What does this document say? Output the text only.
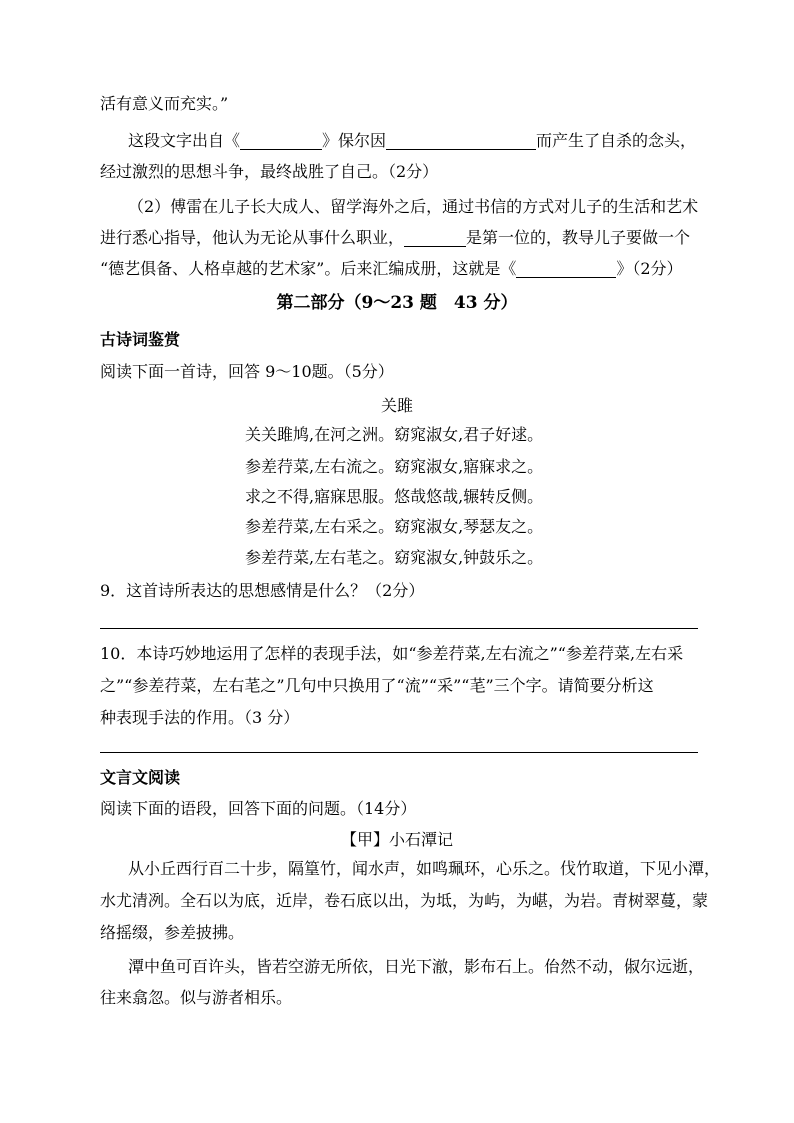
活有意义而充实。”
这段文字出自《	》保尔因	而产生了自杀的念头，
经过激烈的思想斗争，最终战胜了自己。（2分）
（2）傅雷在儿子长大成人、留学海外之后，通过书信的方式对儿子的生活和艺术
进行悉心指导，他认为无论从事什么职业，	是第一位的，教导儿子要做一个
“德艺俱备、人格卓越的艺术家”。后来汇编成册，这就是《	》（2分）
第二部分（9～23 题　43 分）
古诗词鉴赏
阅读下面一首诗，回答 9～10题。（5分）
关雎
关关雎鸠,在河之洲。窈窕淑女,君子好逑。
参差荇菜,左右流之。窈窕淑女,寤寐求之。
求之不得,寤寐思服。悠哉悠哉,辗转反侧。
参差荇菜,左右采之。窈窕淑女,琴瑟友之。
参差荇菜,左右芼之。窈窕淑女,钟鼓乐之。
9．这首诗所表达的思想感情是什么？（2分）
10．本诗巧妙地运用了怎样的表现手法，如“参差荇菜,左右流之”“参差荇菜,左右采
之”“参差荇菜，左右芼之”几句中只换用了“流”“采”“芼”三个字。请简要分析这
种表现手法的作用。（3 分）
文言文阅读
阅读下面的语段，回答下面的问题。（14分）
【甲】小石潭记
从小丘西行百二十步，隔篁竹，闻水声，如鸣珮环，心乐之。伐竹取道，下见小潭，
水尤清冽。全石以为底，近岸，卷石底以出，为坻，为屿，为嵁，为岩。青树翠蔓，蒙
络摇缀，参差披拂。
潭中鱼可百许头，皆若空游无所依，日光下澈，影布石上。佁然不动，俶尔远逝，
往来翕忽。似与游者相乐。
